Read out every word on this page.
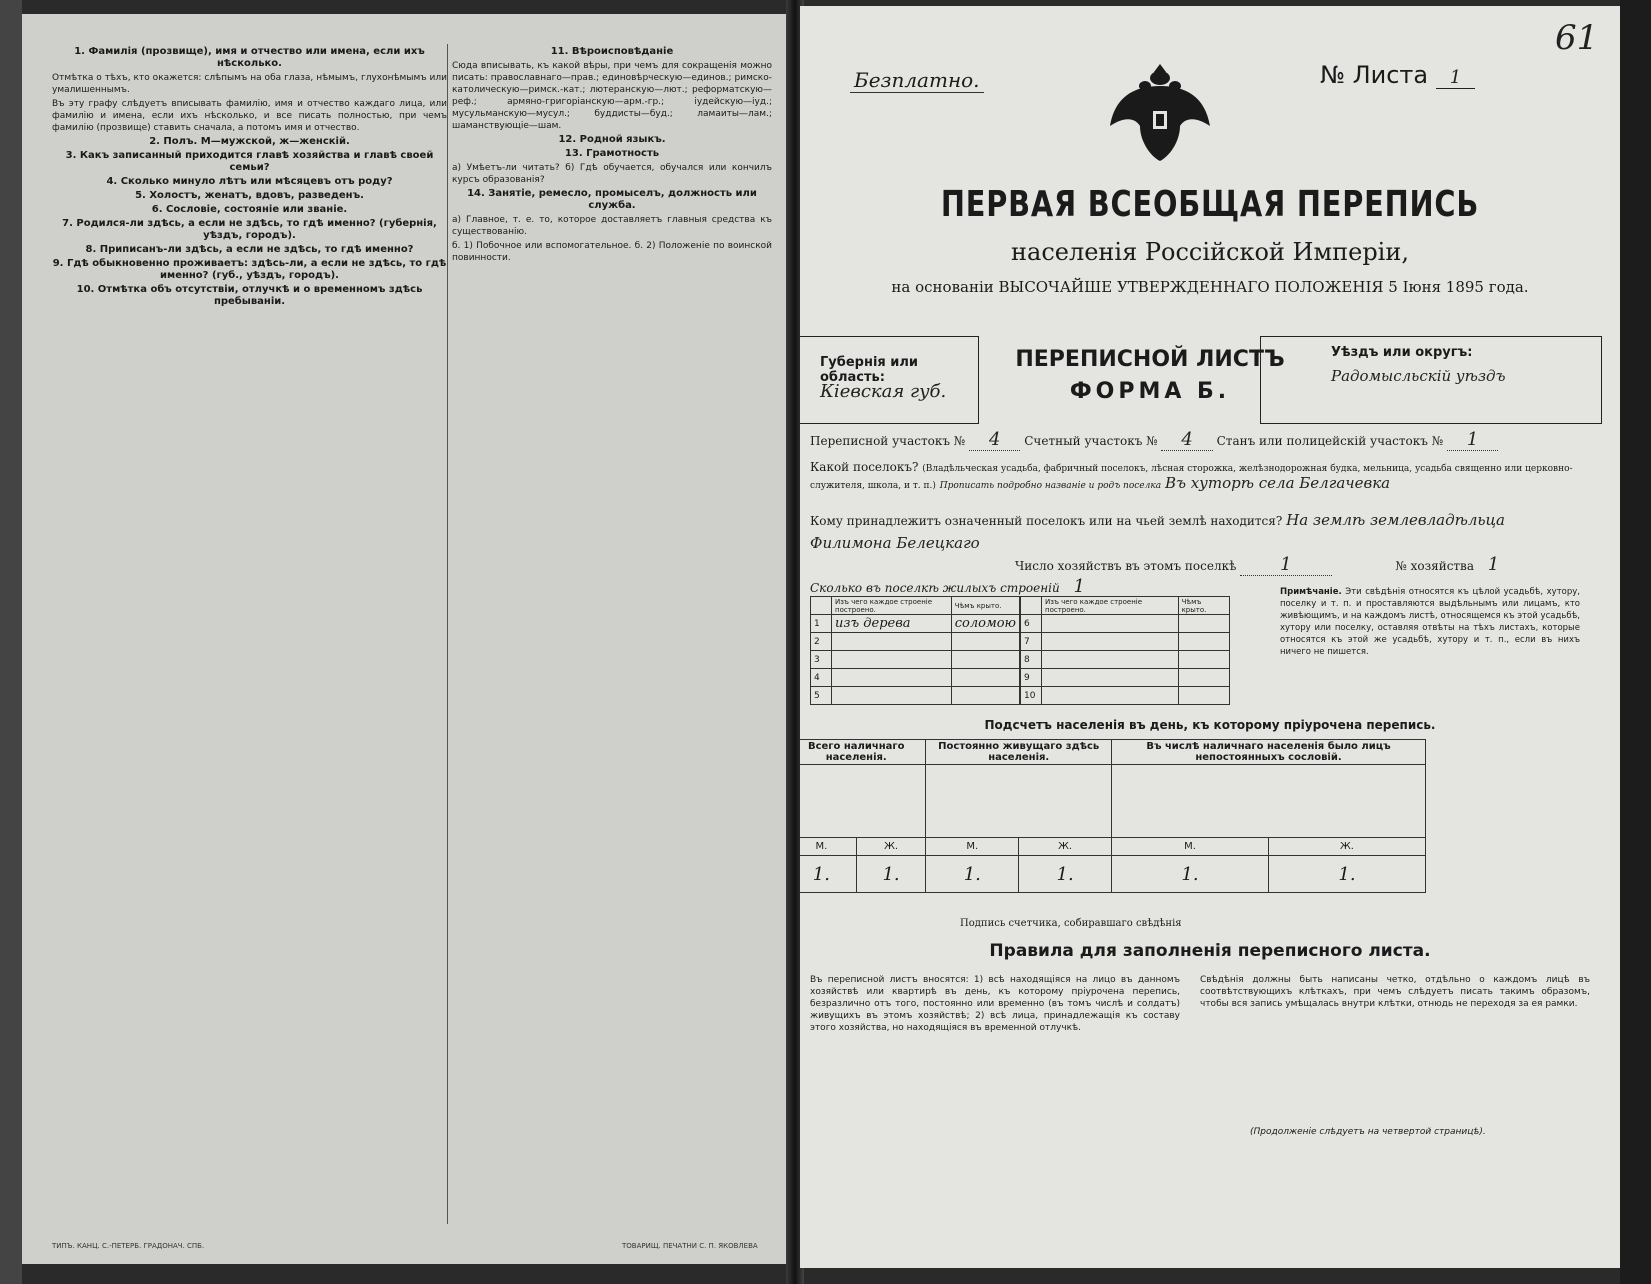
1. Фамилія (прозвище), имя и отчество или имена, если ихъ нѣсколько.

Отмѣтка о тѣхъ, кто окажется: слѣпымъ на оба глаза, нѣмымъ, глухонѣмымъ или умалишеннымъ.

Въ эту графу слѣдуетъ вписывать фамилію, имя и отчество каждаго лица, или фамилію и имена, если ихъ нѣсколько, и все писать полностью, при чемъ фамилію (прозвище) ставить сначала, а потомъ имя и отчество.

2. Полъ. М—мужской, ж—женскій.
3. Какъ записанный приходится главѣ хозяйства и главѣ своей семьи?
4. Сколько минуло лѣтъ или мѣсяцевъ отъ роду?
5. Холостъ, женатъ, вдовъ, разведенъ.
6. Сословіе, состояніе или званіе.
7. Родился-ли здѣсь, а если не здѣсь, то гдѣ именно? (губернія, уѣздъ, городъ).
8. Приписанъ-ли здѣсь, а если не здѣсь, то гдѣ именно?
9. Гдѣ обыкновенно проживаетъ: здѣсь-ли, а если не здѣсь, то гдѣ именно? (губ., уѣздъ, городъ).
10. Отмѣтка объ отсутствіи, отлучкѣ и о временномъ здѣсь пребываніи.
11. Вѣроисповѣданіе

Сюда вписывать, къ какой вѣры, при чемъ для сокращенія можно писать: православнаго—прав.; единовѣрческую—единов.; римско-католическую—римск.-кат.; лютеранскую—лют.; реформатскую—реф.; армяно-григоріанскую—арм.-гр.; іудейскую—іуд.; мусульманскую—мусул.; буддисты—буд.; ламаиты—лам.; шаманствующіе—шам.

12. Родной языкъ.
13. Грамотность

а) Умѣетъ-ли читать? б) Гдѣ обучается, обучался или кончилъ курсъ образованія?

14. Занятіе, ремесло, промыселъ, должность или служба.

а) Главное, т. е. то, которое доставляетъ главныя средства къ существованію.

б. 1) Побочное или вспомогательное. б. 2) Положеніе по воинской повинности.

ТИПЪ. КАНЦ. С.-ПЕТЕРБ. ГРАДОНАЧ. СПБ.	ТОВАРИЩ. ПЕЧАТНИ С. П. ЯКОВЛЕВА
61
Безплатно.	№ Листа 1
ПЕРВАЯ ВСЕОБЩАЯ ПЕРЕПИСЬ
населенія Россійской Имперіи,
на основаніи ВЫСОЧАЙШЕ УТВЕРЖДЕННАГО ПОЛОЖЕНІЯ 5 Іюня 1895 года.
Губернія или область:
Кіевская губ.
ПЕРЕПИСНОЙ ЛИСТЪ
ФОРМА Б.
Уѣздъ или округъ:
Радомысльскій уѣздъ
Переписной участокъ № 4 Счетный участокъ № 4 Станъ или полицейскій участокъ № 1
Какой поселокъ? (Владѣльческая усадьба, фабричный поселокъ, лѣсная сторожка, желѣзнодорожная будка, мельница, усадьба священно или церковно-служителя, школа, и т. п.) Прописать подробно названіе и родъ поселка Въ хуторѣ села Белгачевка
Кому принадлежитъ означенный поселокъ или на чьей землѣ находится? На землѣ землевладѣльца
Филимона Белецкаго
Число хозяйствъ въ этомъ поселкѣ 1	№ хозяйства 1
Сколько въ поселкѣ жилыхъ строеній 1
	Изъ чего каждое строеніе построено.	Чѣмъ крыто.
1	изъ дерева	соломою
2		
3		
4		
5		
	Изъ чего каждое строеніе построено.	Чѣмъ крыто.
6		
7		
8		
9		
10		
Примѣчаніе. Эти свѣдѣнія относятся къ цѣлой усадьбѣ, хутору, поселку и т. п. и проставляются выдѣльнымъ или лицамъ, кто живѣющимъ, и на каждомъ листѣ, относящемся къ этой усадьбѣ, хутору или поселку, оставляя отвѣты на тѣхъ листахъ, которые относятся къ этой же усадьбѣ, хутору и т. п., если въ нихъ ничего не пишется.
Подсчетъ населенія въ день, къ которому пріурочена перепись.
Всего наличнаго населенія.		Постоянно живущаго здѣсь населенія.		Въ числѣ наличнаго населенія было лицъ непостоянныхъ сословій.	

М.	Ж.	М.	Ж.	М.	Ж.
1.	1.	1.	1.	1.	1.
Подпись счетчика, собиравшаго свѣдѣнія
Правила для заполненія переписного листа.
Въ переписной листъ вносятся: 1) всѣ находящіяся на лицо въ данномъ хозяйствѣ или квартирѣ въ день, къ которому пріурочена перепись, безразлично отъ того, постоянно или временно (въ томъ числѣ и солдатъ) живущихъ въ этомъ хозяйствѣ; 2) всѣ лица, принадлежащія къ составу этого хозяйства, но находящіяся въ временной отлучкѣ.
Свѣдѣнія должны быть написаны четко, отдѣльно о каждомъ лицѣ въ соотвѣтствующихъ клѣткахъ, при чемъ слѣдуетъ писать такимъ образомъ, чтобы вся запись умѣщалась внутри клѣтки, отнюдь не переходя за ея рамки.
(Продолженіе слѣдуетъ на четвертой страницѣ).
